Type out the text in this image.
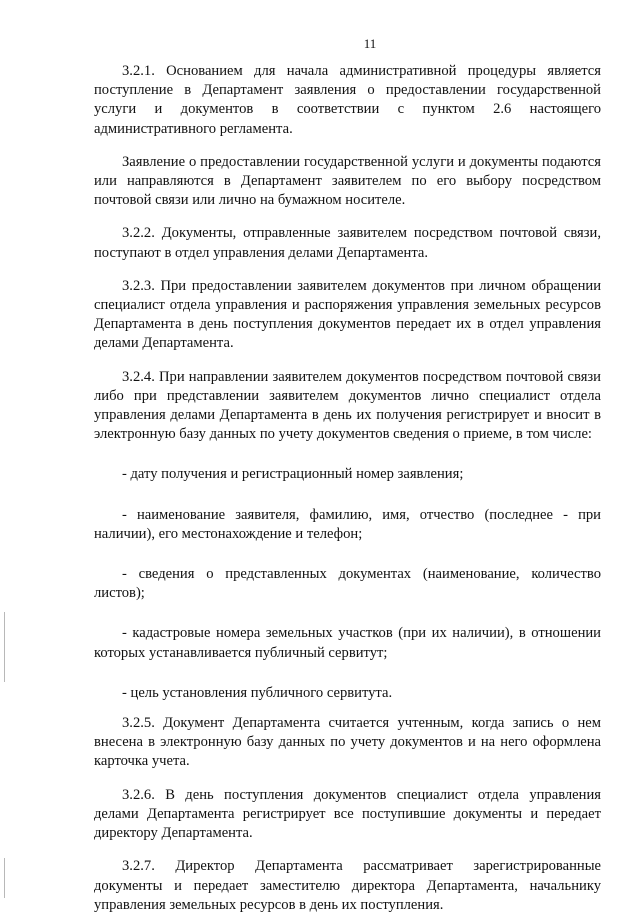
11

3.2.1. Основанием для начала административной процедуры является поступление в Департамент заявления о предоставлении государственной услуги и документов в соответствии с пунктом 2.6 настоящего административного регламента.

Заявление о предоставлении государственной услуги и документы подаются или направляются в Департамент заявителем по его выбору посредством почтовой связи или лично на бумажном носителе.

3.2.2. Документы, отправленные заявителем посредством почтовой связи, поступают в отдел управления делами Департамента.

3.2.3. При предоставлении заявителем документов при личном обращении специалист отдела управления и распоряжения управления земельных ресурсов Департамента в день поступления документов передает их в отдел управления делами Департамента.

3.2.4. При направлении заявителем документов посредством почтовой связи либо при представлении заявителем документов лично специалист отдела управления делами Департамента в день их получения регистрирует и вносит в электронную базу данных по учету документов сведения о приеме, в том числе:

- дату получения и регистрационный номер заявления;

- наименование заявителя, фамилию, имя, отчество (последнее - при наличии), его местонахождение и телефон;

- сведения о представленных документах (наименование, количество листов);

- кадастровые номера земельных участков (при их наличии), в отношении которых устанавливается публичный сервитут;

- цель установления публичного сервитута.

3.2.5. Документ Департамента считается учтенным, когда запись о нем внесена в электронную базу данных по учету документов и на него оформлена карточка учета.

3.2.6. В день поступления документов специалист отдела управления делами Департамента регистрирует все поступившие документы и передает директору Департамента.

3.2.7. Директор Департамента рассматривает зарегистрированные документы и передает заместителю директора Департамента, начальнику управления земельных ресурсов в день их поступления.
